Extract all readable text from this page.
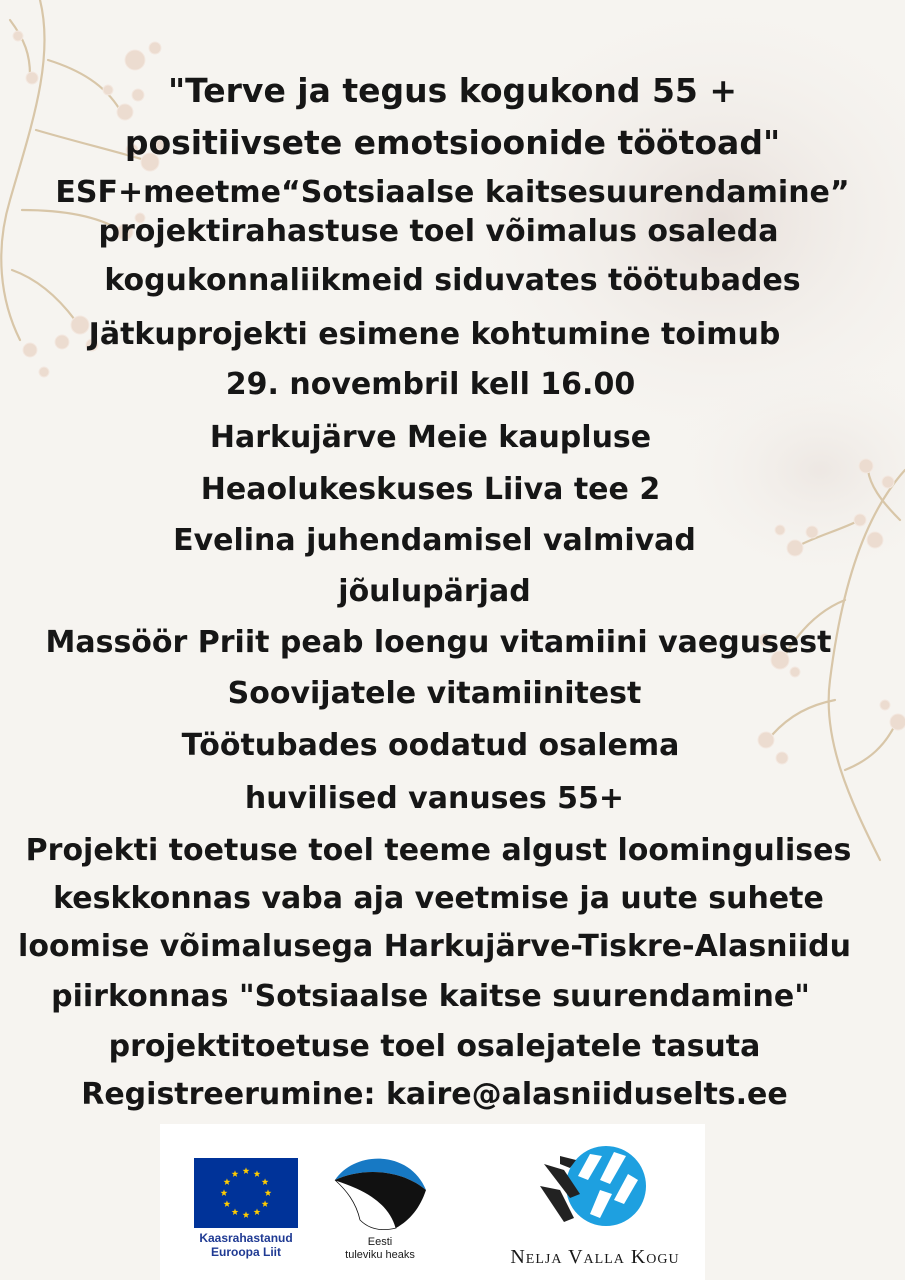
"Terve ja tegus kogukond 55 +
positiivsete emotsioonide töötoad"
ESF+meetme“Sotsiaalse kaitsesuurendamine”
projektirahastuse toel võimalus osaleda
kogukonnaliikmeid siduvates töötubades
Jätkuprojekti esimene kohtumine toimub
29. novembril kell 16.00
Harkujärve Meie kaupluse
Heaolukeskuses Liiva tee 2
Evelina juhendamisel valmivad
jõulupärjad
Massöör Priit peab loengu vitamiini vaegusest
Soovijatele vitamiinitest
Töötubades oodatud osalema
huvilised vanuses 55+
Projekti toetuse toel teeme algust loomingulises
keskkonnas vaba aja veetmise ja uute suhete
loomise võimalusega Harkujärve-Tiskre-Alasniidu
piirkonnas "Sotsiaalse kaitse suurendamine"
projektitoetuse toel osalejatele tasuta
Registreerumine: kaire@alasniiduselts.ee
Kaasrahastanud
Euroopa Liit
Eesti
tuleviku heaks	Nelja Valla Kogu
